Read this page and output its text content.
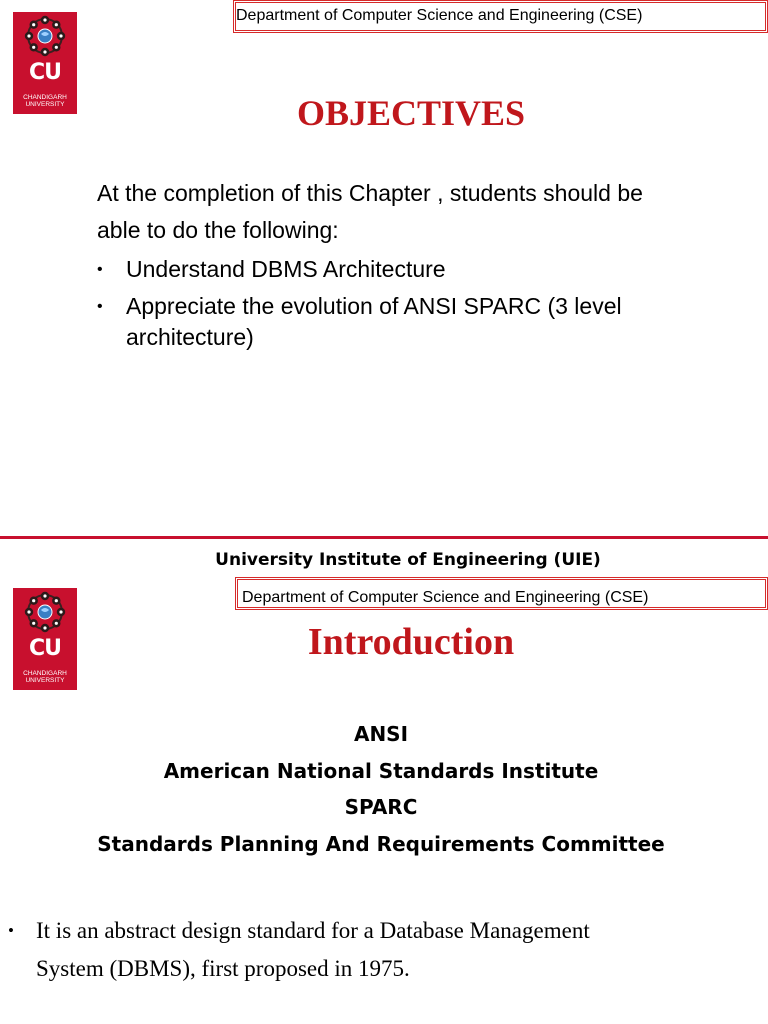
CU
CHANDIGARH
UNIVERSITY
Department of Computer Science and Engineering (CSE)
OBJECTIVES
At the completion of this Chapter , students should be
able to do the following:
• Understand DBMS Architecture
• Appreciate the evolution of ANSI SPARC (3 level
architecture)
University Institute of Engineering (UIE)
CU
CHANDIGARH
UNIVERSITY
Department of Computer Science and Engineering (CSE)
Introduction
ANSI
American National Standards Institute
SPARC
Standards Planning And Requirements Committee
• It is an abstract design standard for a Database Management
System (DBMS), first proposed in 1975.
